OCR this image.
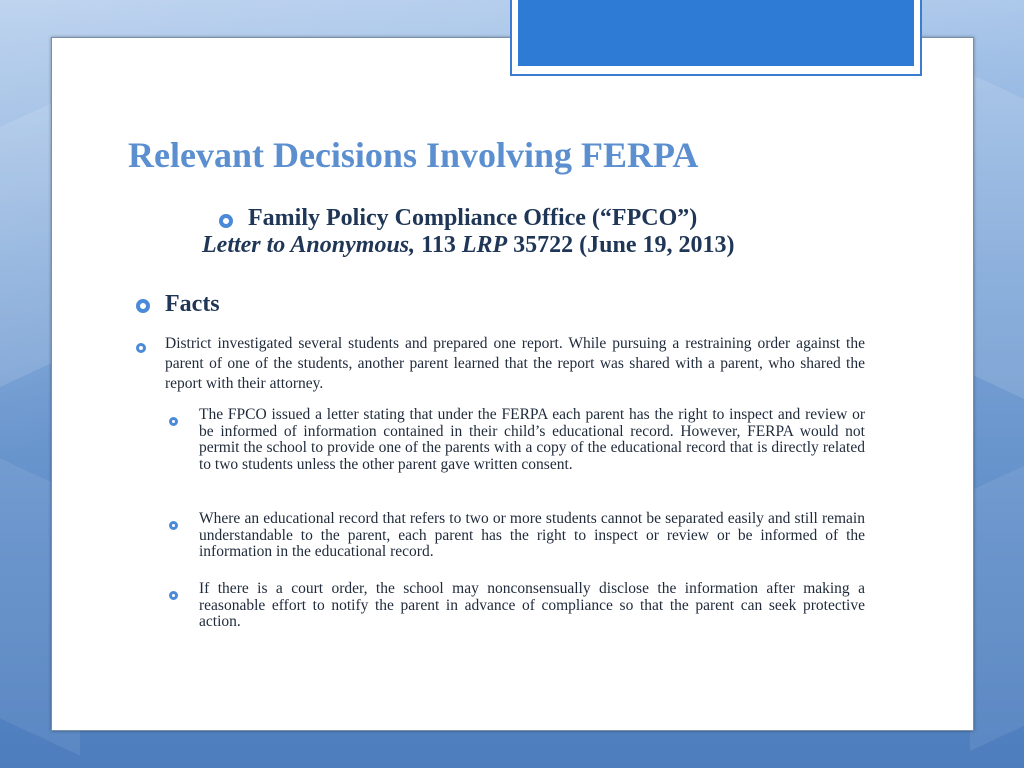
Relevant Decisions Involving FERPA

Family Policy Compliance Office (“FPCO”)

Letter to Anonymous, 113 LRP 35722 (June 19, 2013)

Facts

District investigated several students and prepared one report. While pursuing a restraining order against the parent of one of the students, another parent learned that the report was shared with a parent, who shared the report with their attorney.

The FPCO issued a letter stating that under the FERPA each parent has the right to inspect and review or be informed of information contained in their child’s educational record. However, FERPA would not permit the school to provide one of the parents with a copy of the educational record that is directly related to two students unless the other parent gave written consent.

Where an educational record that refers to two or more students cannot be separated easily and still remain understandable to the parent, each parent has the right to inspect or review or be informed of the information in the educational record.

If there is a court order, the school may nonconsensually disclose the information after making a reasonable effort to notify the parent in advance of compliance so that the parent can seek protective action.
